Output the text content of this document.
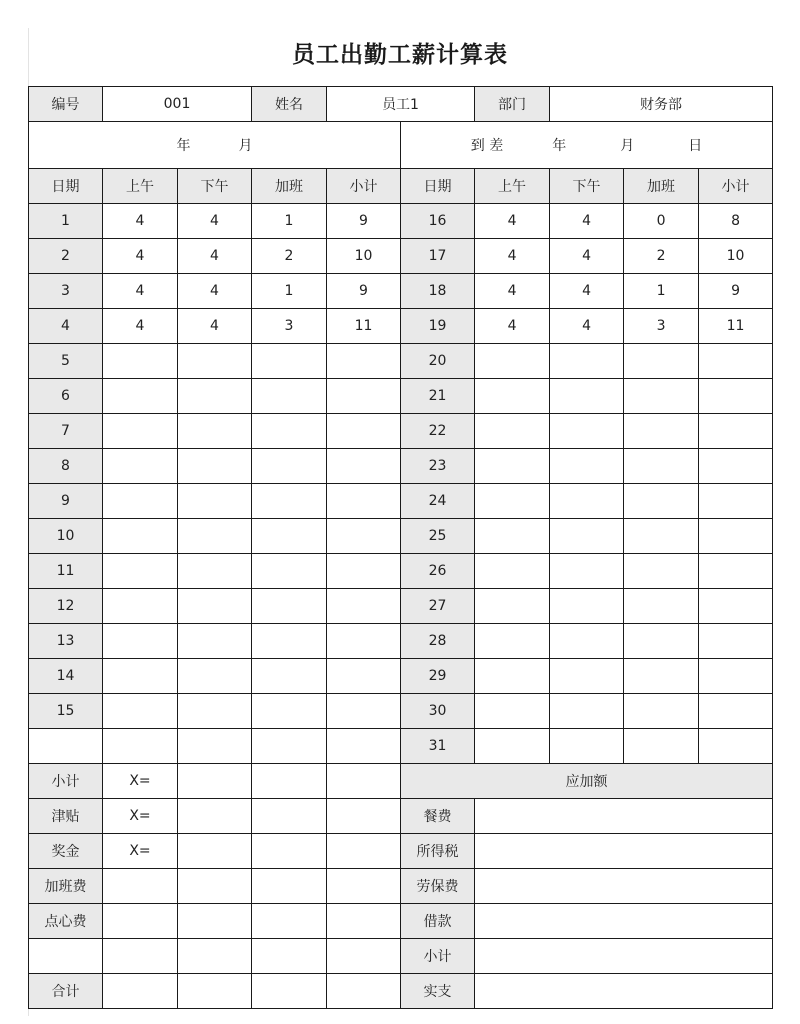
员工出勤工薪计算表
编号	001		姓名	员工1		部门	财务部		
年 月					到 差 年 月 日				
日期	上午	下午	加班	小计	日期	上午	下午	加班	小计
1	4	4	1	9	16	4	4	0	8
2	4	4	2	10	17	4	4	2	10
3	4	4	1	9	18	4	4	1	9
4	4	4	3	11	19	4	4	3	11
5					20				
6					21				
7					22				
8					23				
9					24				
10					25				
11					26				
12					27				
13					28				
14					29				
15					30				
					31				
小计	X=				应加额				
津贴	X=				餐费				
奖金	X=				所得税				
加班费					劳保费				
点心费					借款				
					小计				
合计					实支				
